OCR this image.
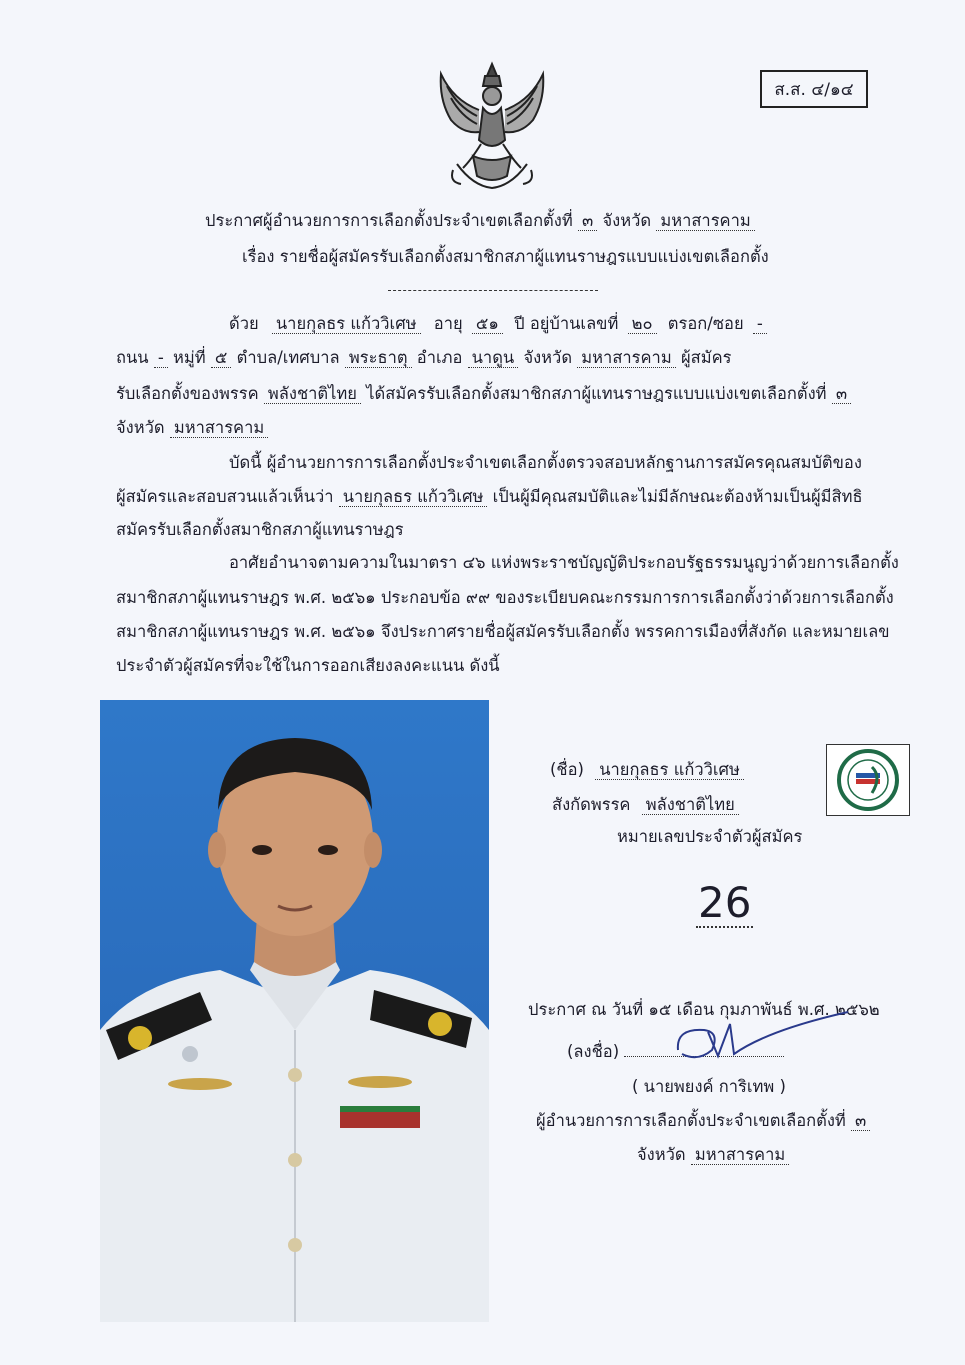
ส.ส. ๔/๑๔
ประกาศผู้อำนวยการการเลือกตั้งประจำเขตเลือกตั้งที่ ๓ จังหวัด มหาสารคาม
เรื่อง รายชื่อผู้สมัครรับเลือกตั้งสมาชิกสภาผู้แทนราษฎรแบบแบ่งเขตเลือกตั้ง
ด้วย นายกุลธร แก้ววิเศษ อายุ ๕๑ ปี อยู่บ้านเลขที่ ๒๐ ตรอก/ซอย -
ถนน - หมู่ที่ ๕ ตำบล/เทศบาล พระธาตุ อำเภอ นาดูน จังหวัด มหาสารคาม ผู้สมัคร
รับเลือกตั้งของพรรค พลังชาติไทย ได้สมัครรับเลือกตั้งสมาชิกสภาผู้แทนราษฎรแบบแบ่งเขตเลือกตั้งที่ ๓
จังหวัด มหาสารคาม
บัดนี้ ผู้อำนวยการการเลือกตั้งประจำเขตเลือกตั้งตรวจสอบหลักฐานการสมัครคุณสมบัติของ
ผู้สมัครและสอบสวนแล้วเห็นว่า นายกุลธร แก้ววิเศษ เป็นผู้มีคุณสมบัติและไม่มีลักษณะต้องห้ามเป็นผู้มีสิทธิ
สมัครรับเลือกตั้งสมาชิกสภาผู้แทนราษฎร
อาศัยอำนาจตามความในมาตรา ๔๖ แห่งพระราชบัญญัติประกอบรัฐธรรมนูญว่าด้วยการเลือกตั้ง
สมาชิกสภาผู้แทนราษฎร พ.ศ. ๒๕๖๑ ประกอบข้อ ๙๙ ของระเบียบคณะกรรมการการเลือกตั้งว่าด้วยการเลือกตั้ง
สมาชิกสภาผู้แทนราษฎร พ.ศ. ๒๕๖๑ จึงประกาศรายชื่อผู้สมัครรับเลือกตั้ง พรรคการเมืองที่สังกัด และหมายเลข
ประจำตัวผู้สมัครที่จะใช้ในการออกเสียงลงคะแนน ดังนี้
(ชื่อ) นายกุลธร แก้ววิเศษ
สังกัดพรรค พลังชาติไทย
หมายเลขประจำตัวผู้สมัคร
26
ประกาศ ณ วันที่ ๑๕ เดือน กุมภาพันธ์ พ.ศ. ๒๕๖๒
(ลงชื่อ)
( นายพยงค์ การิเทพ )
ผู้อำนวยการการเลือกตั้งประจำเขตเลือกตั้งที่ ๓
จังหวัด มหาสารคาม
